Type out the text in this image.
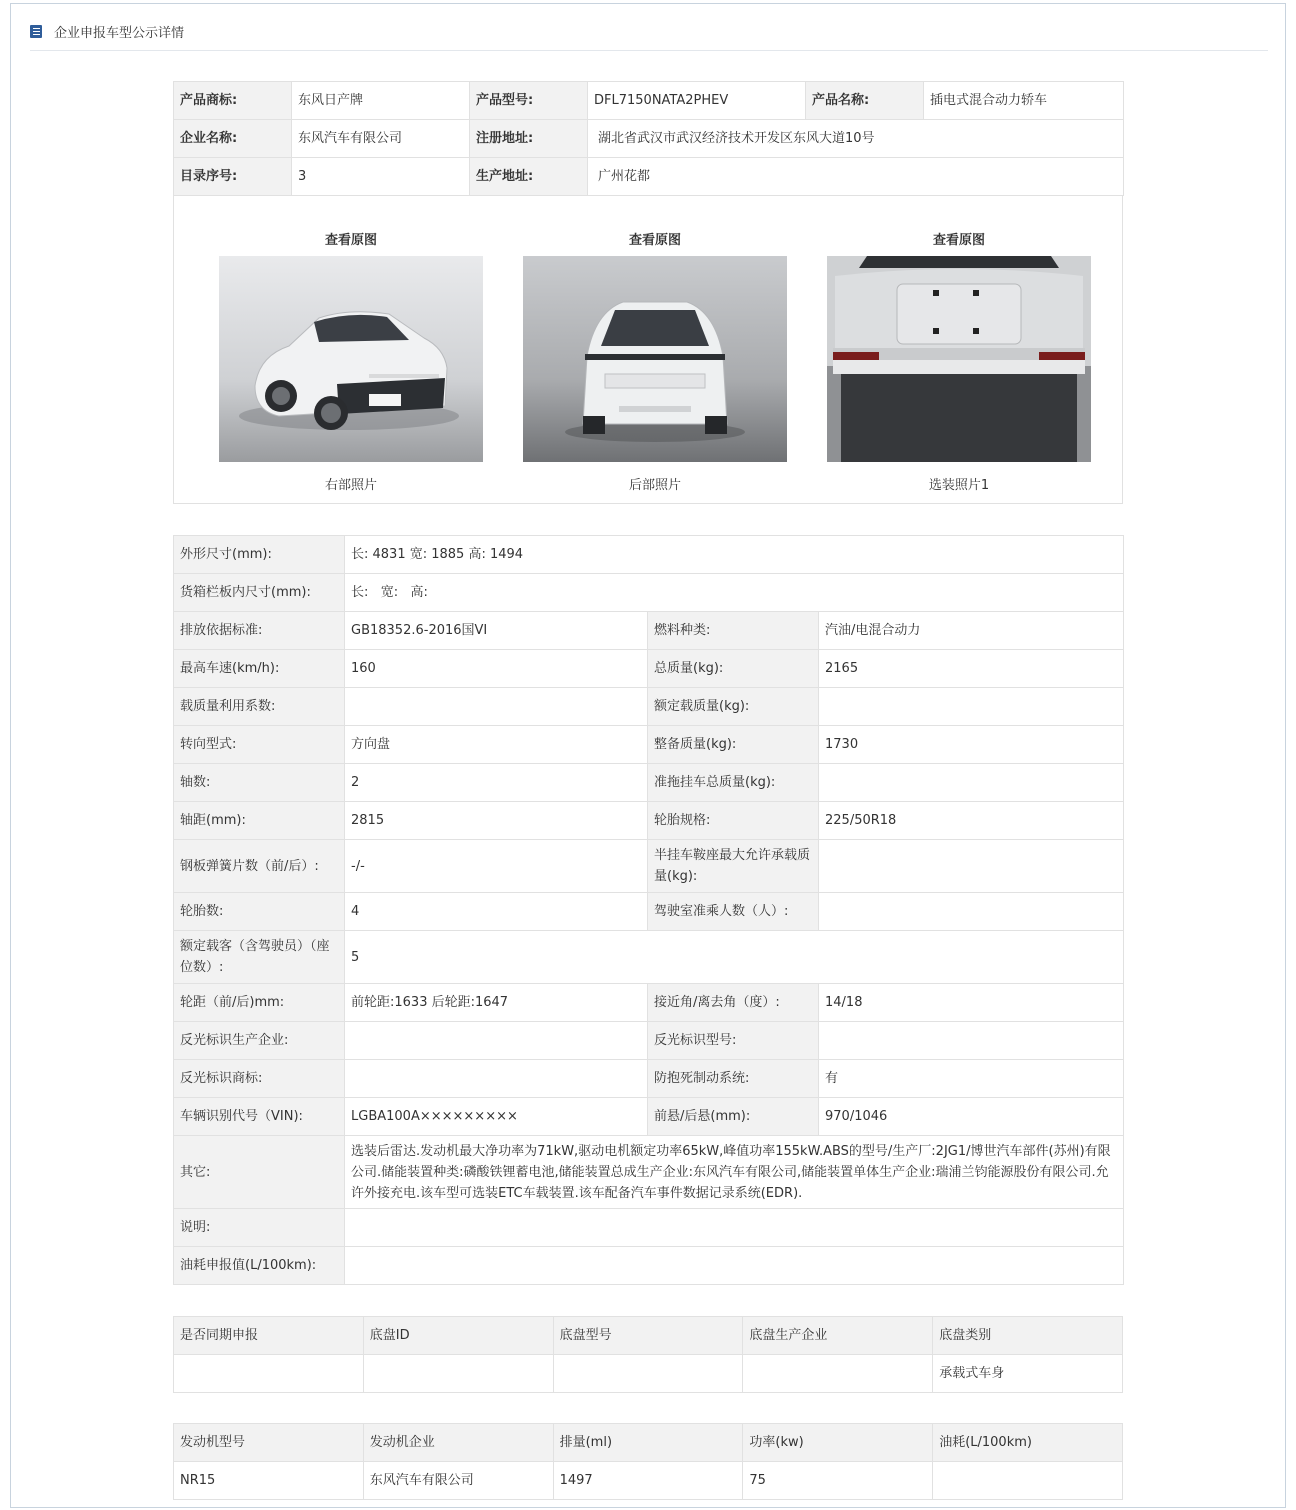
企业申报车型公示详情
产品商标:	东风日产牌	产品型号:	DFL7150NATA2PHEV	产品名称:	插电式混合动力轿车
企业名称:	东风汽车有限公司	注册地址:	湖北省武汉市武汉经济技术开发区东风大道10号		
目录序号:	3	生产地址:	广州花都		
查看原图
右部照片
查看原图
后部照片
查看原图
选装照片1
外形尺寸(mm):	长: 4831 宽: 1885 高: 1494		
货箱栏板内尺寸(mm):	长:   宽:   高:		
排放依据标准:	GB18352.6-2016国VI	燃料种类:	汽油/电混合动力
最高车速(km/h):	160	总质量(kg):	2165
载质量利用系数:		额定载质量(kg):	
转向型式:	方向盘	整备质量(kg):	1730
轴数:	2	准拖挂车总质量(kg):	
轴距(mm):	2815	轮胎规格:	225/50R18
钢板弹簧片数（前/后）:	-/-	半挂车鞍座最大允许承载质量(kg):	
轮胎数:	4	驾驶室准乘人数（人）:	
额定载客（含驾驶员）（座位数）:	5		
轮距（前/后)mm:	前轮距:1633 后轮距:1647	接近角/离去角（度）:	14/18
反光标识生产企业:		反光标识型号:	
反光标识商标:		防抱死制动系统:	有
车辆识别代号（VIN):	LGBA100A×××××××××	前悬/后悬(mm):	970/1046
其它:	选装后雷达.发动机最大净功率为71kW,驱动电机额定功率65kW,峰值功率155kW.ABS的型号/生产厂:2JG1/博世汽车部件(苏州)有限公司.储能装置种类:磷酸铁锂蓄电池,储能装置总成生产企业:东风汽车有限公司,储能装置单体生产企业:瑞浦兰钧能源股份有限公司.允许外接充电.该车型可选装ETC车载装置.该车配备汽车事件数据记录系统(EDR).		
说明:			
油耗申报值(L/100km):			
是否同期申报	底盘ID	底盘型号	底盘生产企业	底盘类别
				承载式车身
发动机型号	发动机企业	排量(ml)	功率(kw)	油耗(L/100km)
NR15	东风汽车有限公司	1497	75	
